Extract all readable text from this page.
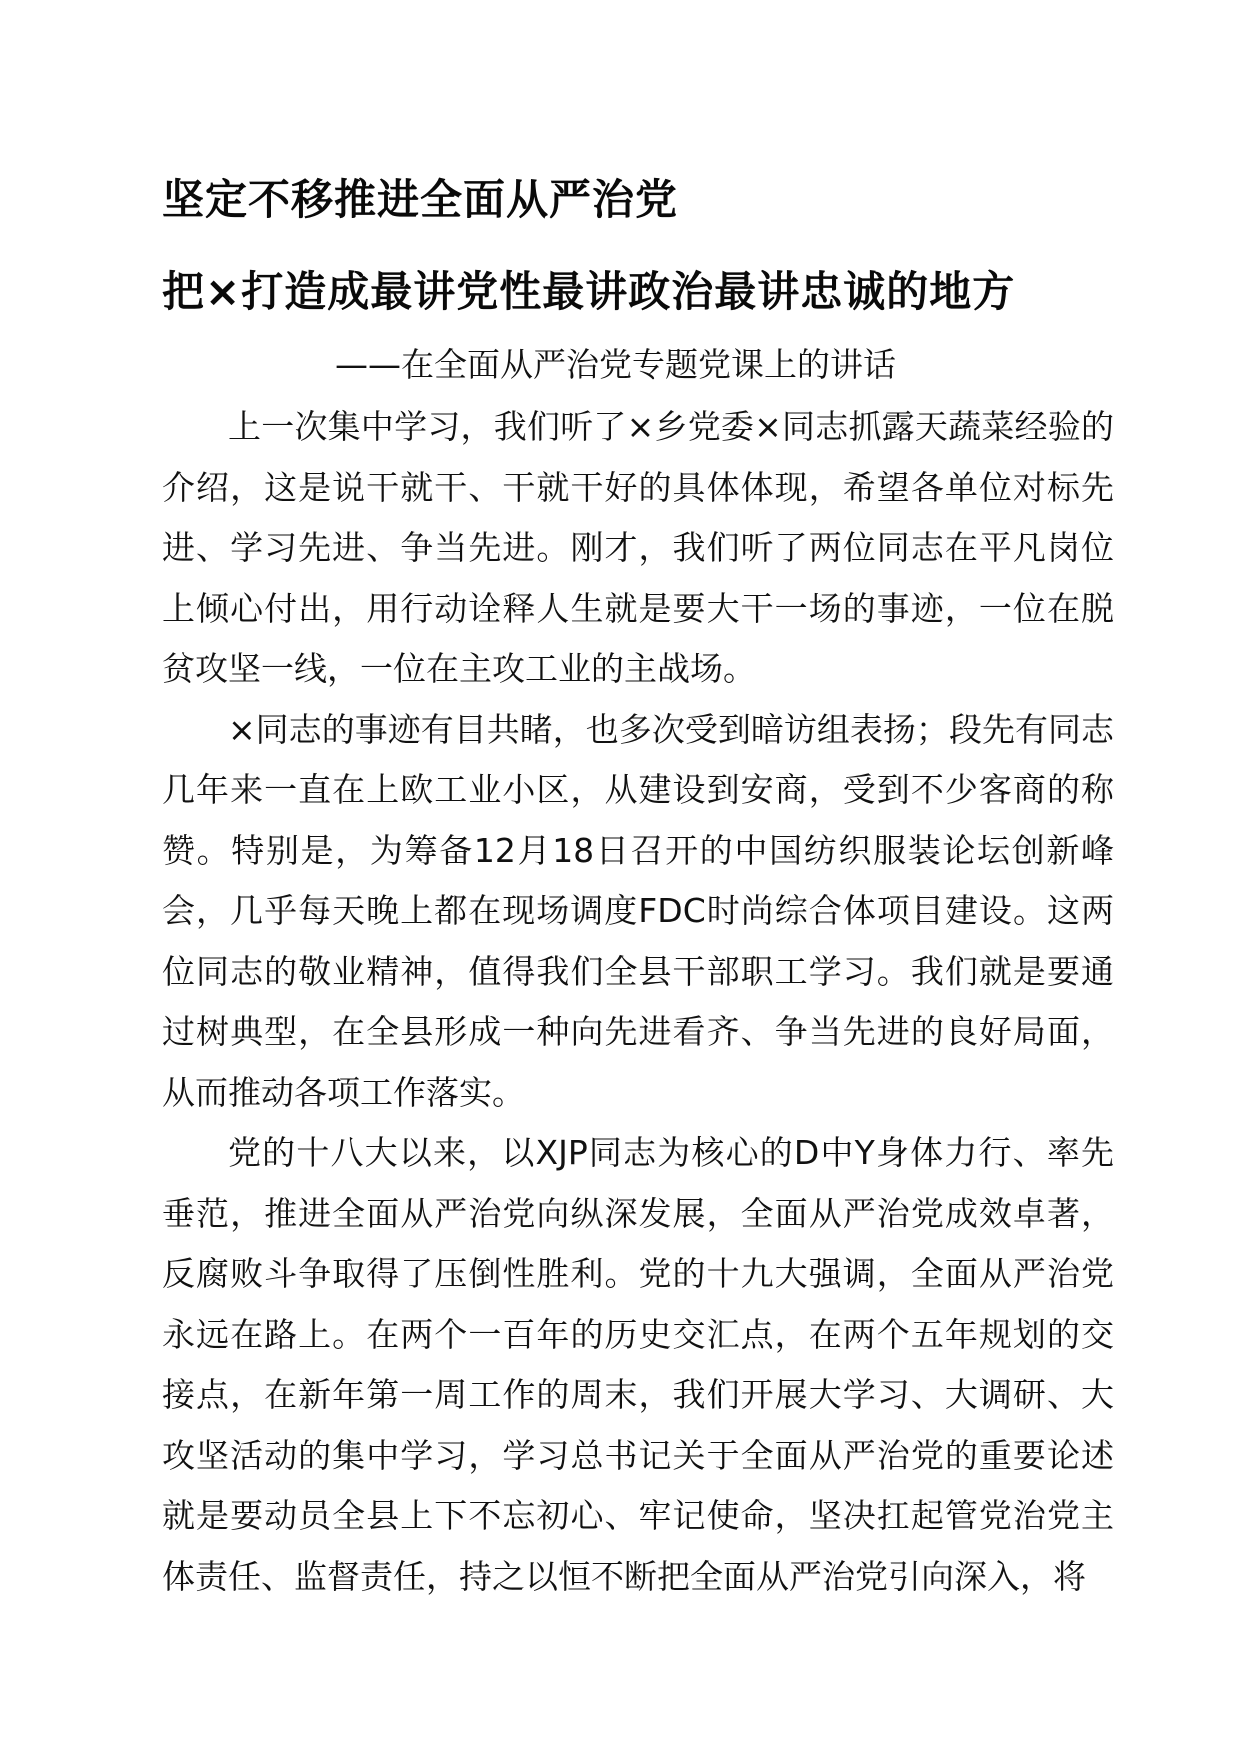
坚定不移推进全面从严治党
把×打造成最讲党性最讲政治最讲忠诚的地方
——在全面从严治党专题党课上的讲话

上一次集中学习，我们听了×乡党委×同志抓露天蔬菜经验的介绍，这是说干就干、干就干好的具体体现，希望各单位对标先进、学习先进、争当先进。刚才，我们听了两位同志在平凡岗位上倾心付出，用行动诠释人生就是要大干一场的事迹，一位在脱贫攻坚一线，一位在主攻工业的主战场。

×同志的事迹有目共睹，也多次受到暗访组表扬；段先有同志几年来一直在上欧工业小区，从建设到安商，受到不少客商的称赞。特别是，为筹备12月18日召开的中国纺织服装论坛创新峰会，几乎每天晚上都在现场调度FDC时尚综合体项目建设。这两位同志的敬业精神，值得我们全县干部职工学习。我们就是要通过树典型，在全县形成一种向先进看齐、争当先进的良好局面，从而推动各项工作落实。

党的十八大以来，以XJP同志为核心的D中Y身体力行、率先垂范，推进全面从严治党向纵深发展，全面从严治党成效卓著，反腐败斗争取得了压倒性胜利。党的十九大强调，全面从严治党永远在路上。在两个一百年的历史交汇点，在两个五年规划的交接点，在新年第一周工作的周末，我们开展大学习、大调研、大攻坚活动的集中学习，学习总书记关于全面从严治党的重要论述就是要动员全县上下不忘初心、牢记使命，坚决扛起管党治党主体责任、监督责任，持之以恒不断把全面从严治党引向深入，将
